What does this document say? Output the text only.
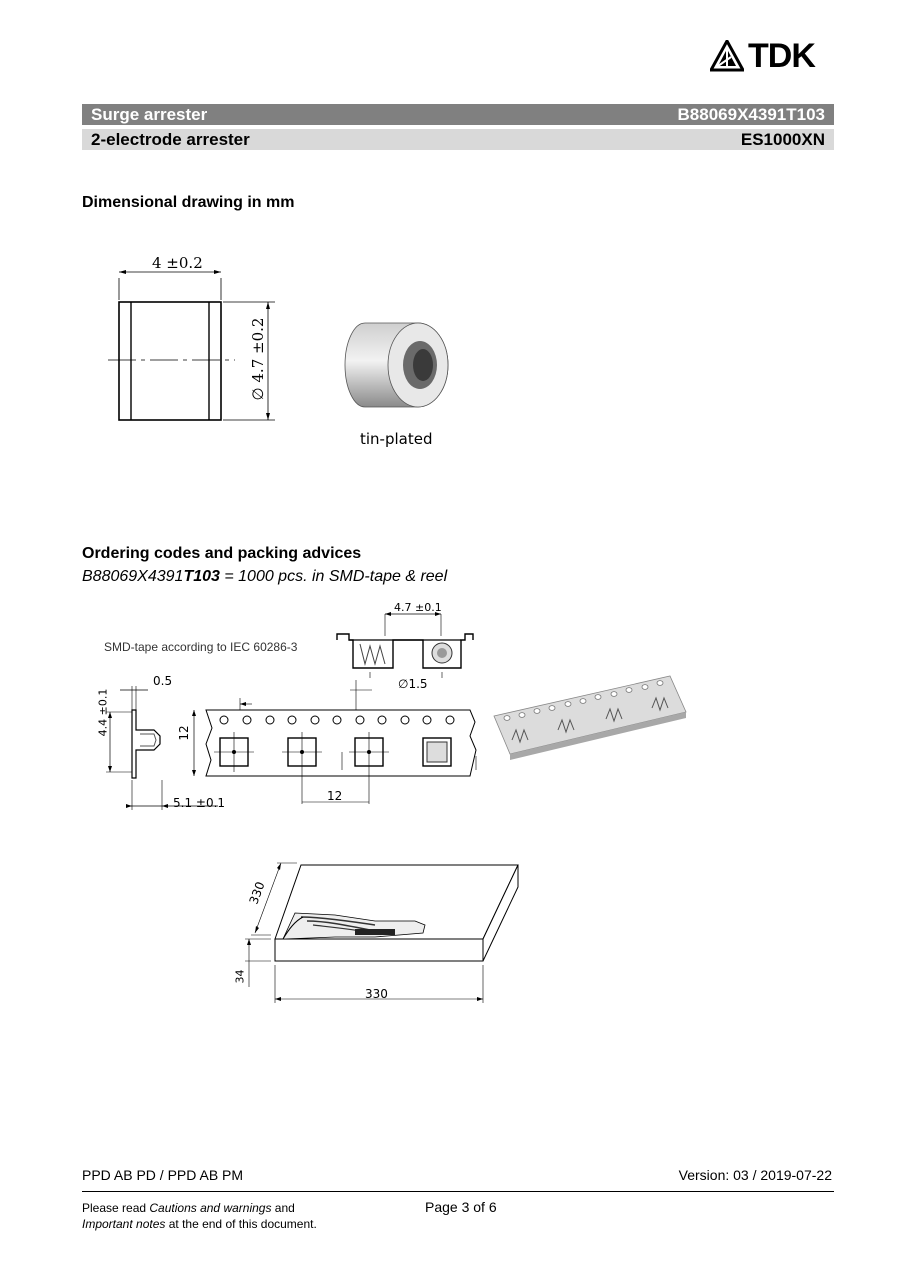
TDK
Surge arrester	B88069X4391T103
2-electrode arrester	ES1000XN
Dimensional drawing in mm
4 ±0.2
∅ 4.7 ±0.2
tin-plated
Ordering codes and packing advices
B88069X4391T103 = 1000 pcs. in SMD-tape & reel
SMD-tape according to IEC 60286-3
4.7 ±0.1
0.5
4.4 ±0.1
5.1 ±0.1
12
12
∅1.5
330
330
34
PPD AB PD / PPD AB PM	Version: 03 / 2019-07-22
Please read Cautions and warnings and
Important notes at the end of this document.
Page 3 of 6
